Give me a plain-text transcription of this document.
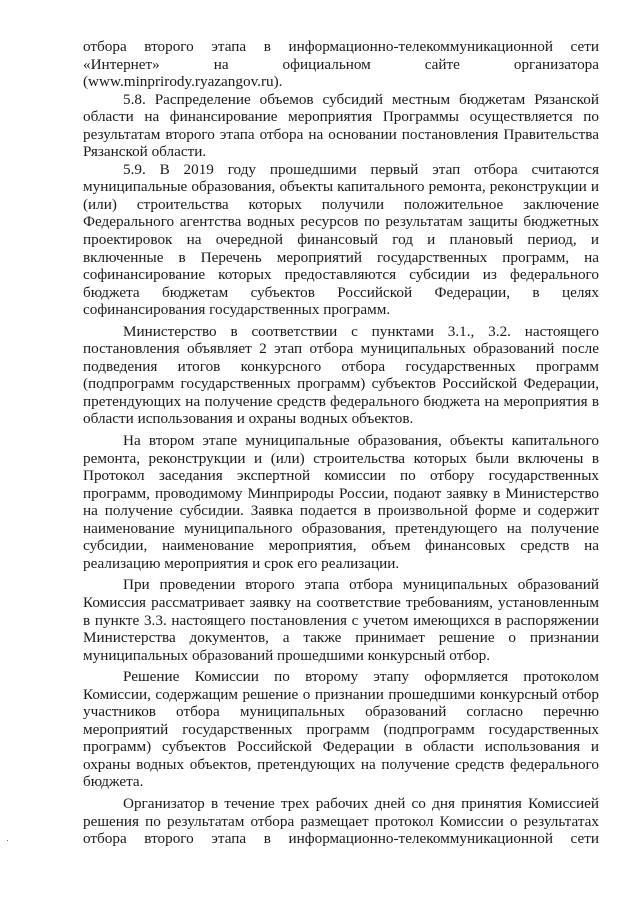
отбора второго этапа в информационно-телекоммуникационной сети «Интернет» на официальном сайте организатора (www.minprirody.ryazangov.ru).

5.8. Распределение объемов субсидий местным бюджетам Рязанской области на финансирование мероприятия Программы осуществляется по результатам второго этапа отбора на основании постановления Правительства Рязанской области.

5.9. В 2019 году прошедшими первый этап отбора считаются муниципальные образования, объекты капитального ремонта, реконструкции и (или) строительства которых получили положительное заключение Федерального агентства водных ресурсов по результатам защиты бюджетных проектировок на очередной финансовый год и плановый период, и включенные в Перечень мероприятий государственных программ, на софинансирование которых предоставляются субсидии из федерального бюджета бюджетам субъектов Российской Федерации, в целях софинансирования государственных программ.

Министерство в соответствии с пунктами 3.1., 3.2. настоящего постановления объявляет 2 этап отбора муниципальных образований после подведения итогов конкурсного отбора государственных программ (подпрограмм государственных программ) субъектов Российской Федерации, претендующих на получение средств федерального бюджета на мероприятия в области использования и охраны водных объектов.

На втором этапе муниципальные образования, объекты капитального ремонта, реконструкции и (или) строительства которых были включены в Протокол заседания экспертной комиссии по отбору государственных программ, проводимому Минприроды России, подают заявку в Министерство на получение субсидии. Заявка подается в произвольной форме и содержит наименование муниципального образования, претендующего на получение субсидии, наименование мероприятия, объем финансовых средств на реализацию мероприятия и срок его реализации.

При проведении второго этапа отбора муниципальных образований Комиссия рассматривает заявку на соответствие требованиям, установленным в пункте 3.3. настоящего постановления с учетом имеющихся в распоряжении Министерства документов, а также принимает решение о признании муниципальных образований прошедшими конкурсный отбор.

Решение Комиссии по второму этапу оформляется протоколом Комиссии, содержащим решение о признании прошедшими конкурсный отбор участников отбора муниципальных образований согласно перечню мероприятий государственных программ (подпрограмм государственных программ) субъектов Российской Федерации в области использования и охраны водных объектов, претендующих на получение средств федерального бюджета.

Организатор в течение трех рабочих дней со дня принятия Комиссией решения по результатам отбора размещает протокол Комиссии о результатах отбора второго этапа в информационно-телекоммуникационной сети
